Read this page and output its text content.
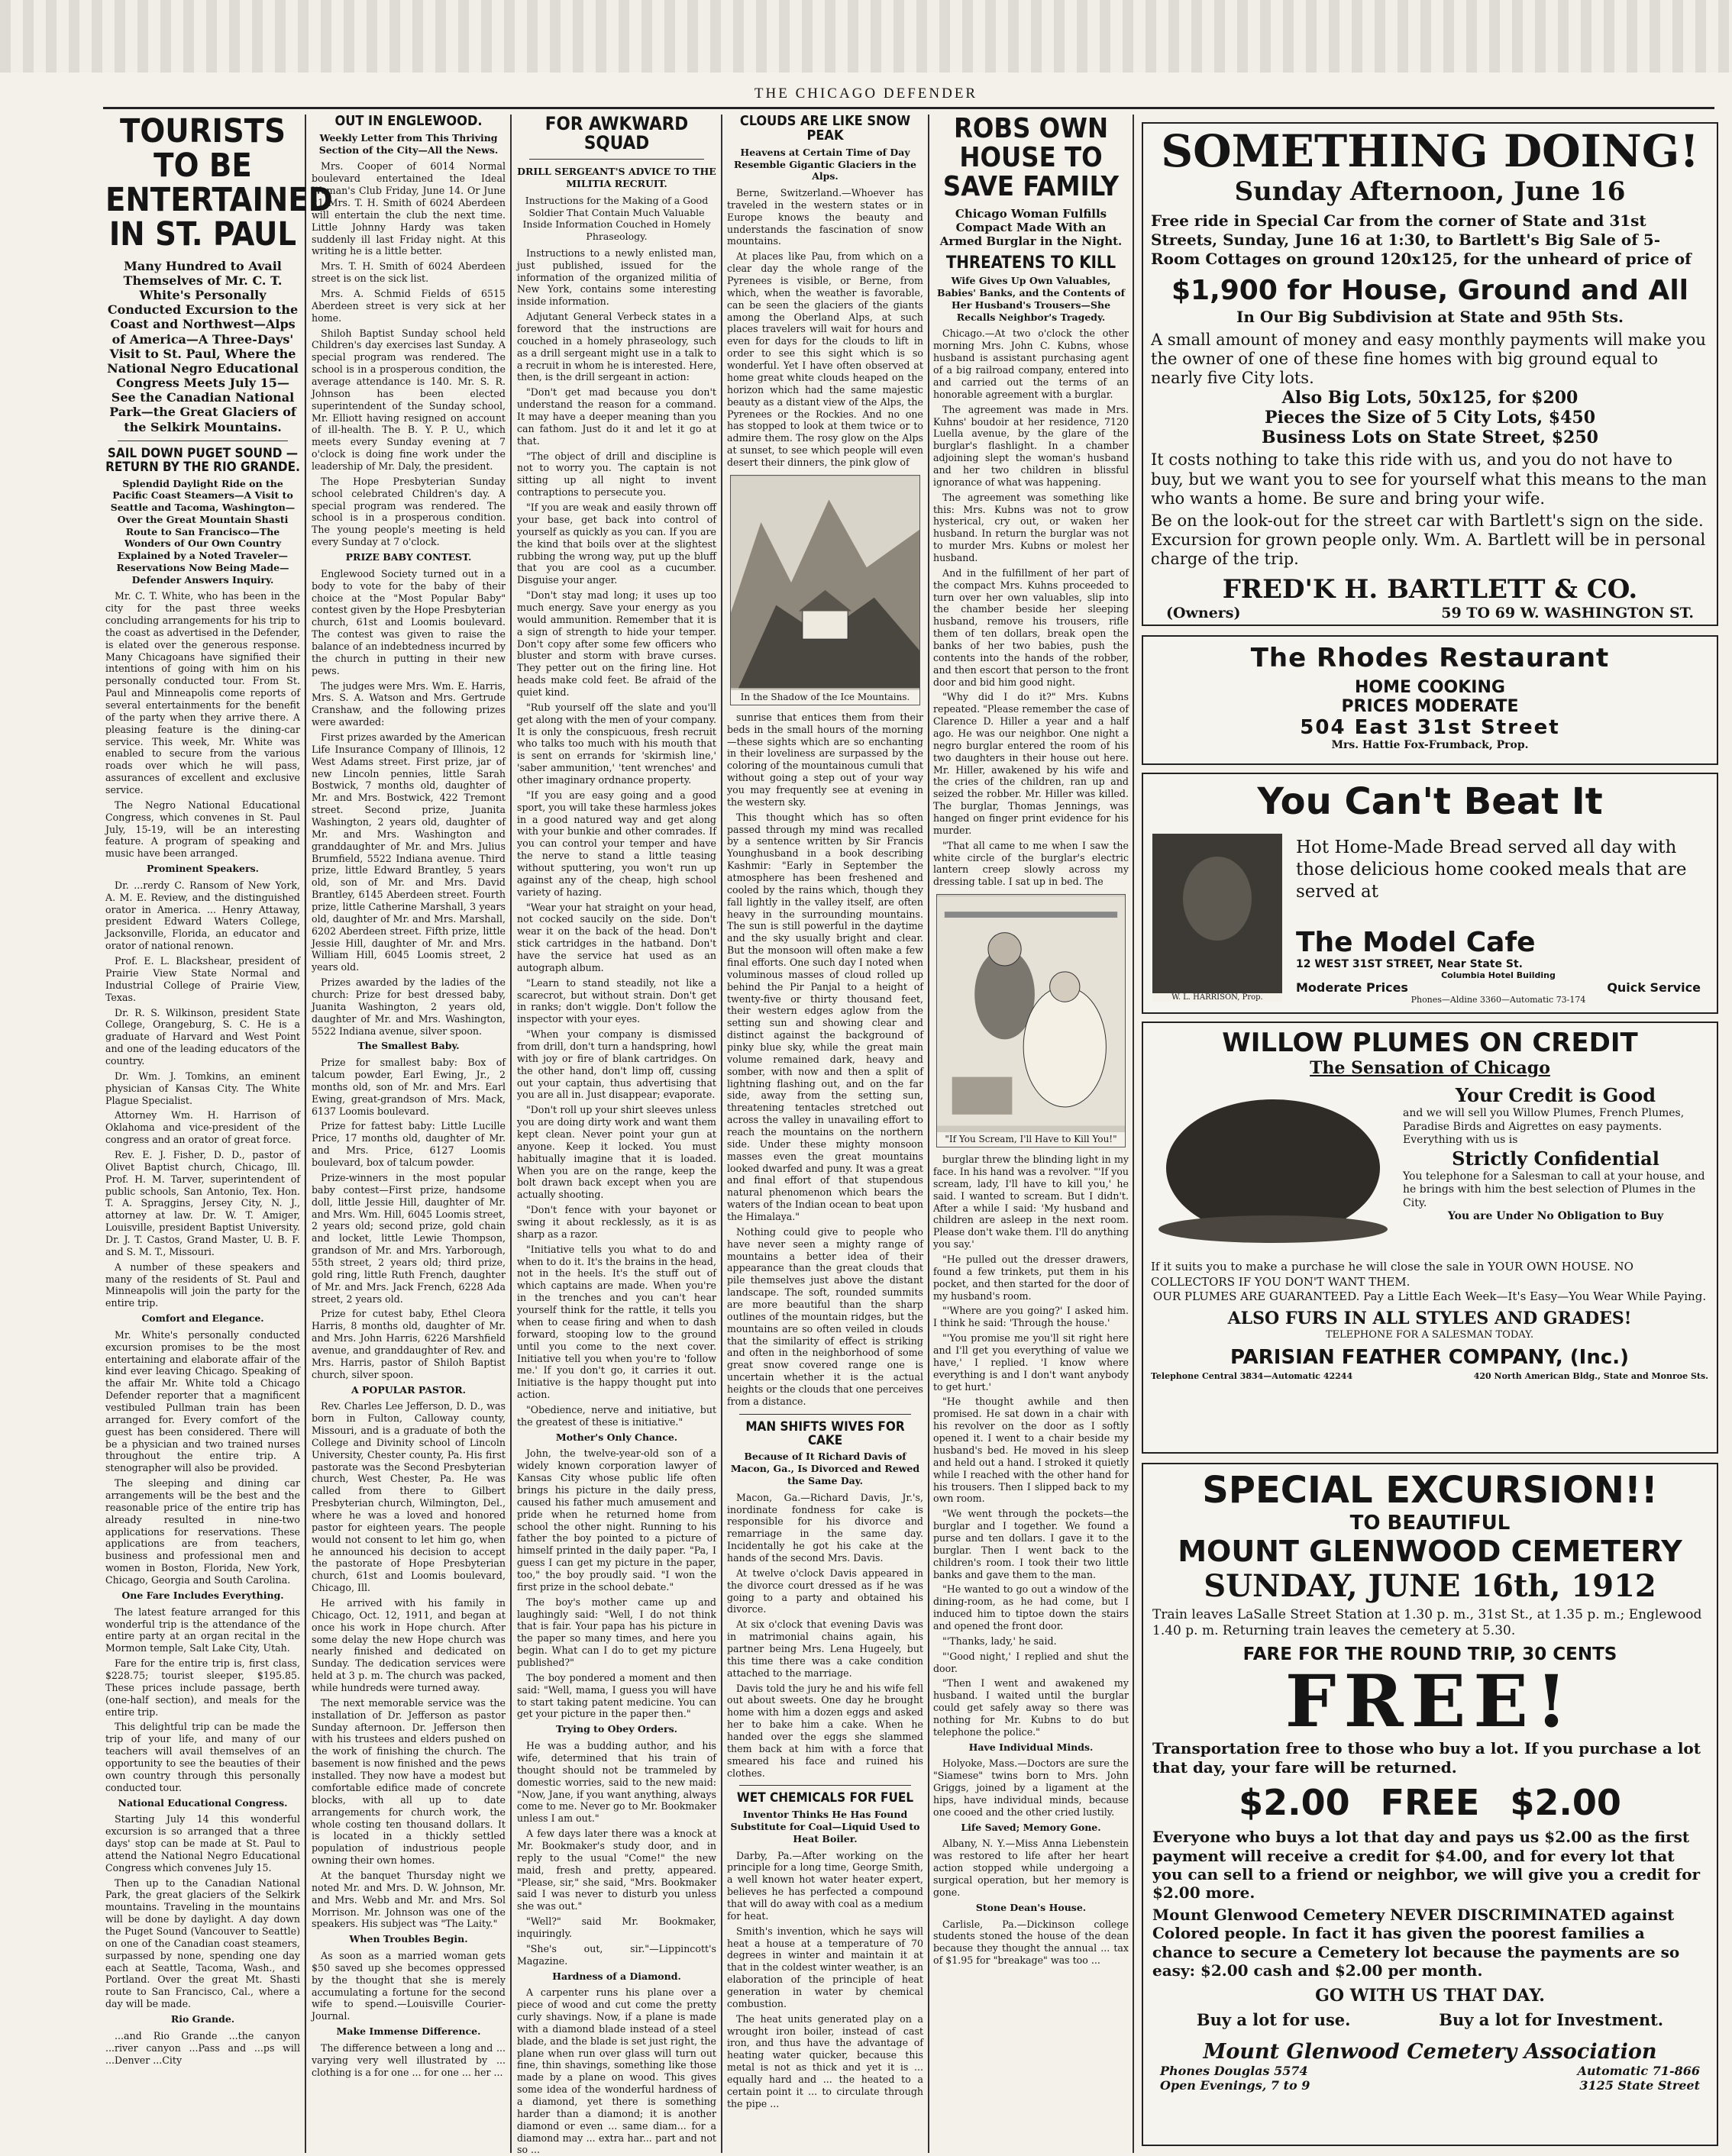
THE CHICAGO DEFENDER
TOURISTS TO BE ENTERTAINED IN ST. PAUL
Many Hundred to Avail Themselves of Mr. C. T. White's Personally Conducted Excursion to the Coast and Northwest—Alps of America—A Three-Days' Visit to St. Paul, Where the National Negro Educational Congress Meets July 15—See the Canadian National Park—the Great Glaciers of the Selkirk Mountains.
SAIL DOWN PUGET SOUND —RETURN BY THE RIO GRANDE.
Splendid Daylight Ride on the Pacific Coast Steamers—A Visit to Seattle and Tacoma, Washington—Over the Great Mountain Shasti Route to San Francisco—The Wonders of Our Own Country Explained by a Noted Traveler—Reservations Now Being Made—Defender Answers Inquiry.

Mr. C. T. White, who has been in the city for the past three weeks concluding arrangements for his trip to the coast as advertised in the Defender, is elated over the generous response. Many Chicagoans have signified their intentions of going with him on his personally conducted tour. From St. Paul and Minneapolis come reports of several entertainments for the benefit of the party when they arrive there. A pleasing feature is the dining-car service. This week, Mr. White was enabled to secure from the various roads over which he will pass, assurances of excellent and exclusive service.

The Negro National Educational Congress, which convenes in St. Paul July, 15-19, will be an interesting feature. A program of speaking and music have been arranged.

Prominent Speakers.

Dr. ...rerdy C. Ransom of New York, A. M. E. Review, and the distinguished orator in America. ... Henry Attaway, president Edward Waters College, Jacksonville, Florida, an educator and orator of national renown.

Prof. E. L. Blackshear, president of Prairie View State Normal and Industrial College of Prairie View, Texas.

Dr. R. S. Wilkinson, president State College, Orangeburg, S. C. He is a graduate of Harvard and West Point and one of the leading educators of the country.

Dr. Wm. J. Tomkins, an eminent physician of Kansas City. The White Plague Specialist.

Attorney Wm. H. Harrison of Oklahoma and vice-president of the congress and an orator of great force.

Rev. E. J. Fisher, D. D., pastor of Olivet Baptist church, Chicago, Ill. Prof. H. M. Tarver, superintendent of public schools, San Antonio, Tex. Hon. T. A. Spraggins, Jersey City, N. J., attorney at law. Dr. W. T. Amiger, Louisville, president Baptist University. Dr. J. T. Castos, Grand Master, U. B. F. and S. M. T., Missouri.

A number of these speakers and many of the residents of St. Paul and Minneapolis will join the party for the entire trip.

Comfort and Elegance.

Mr. White's personally conducted excursion promises to be the most entertaining and elaborate affair of the kind ever leaving Chicago. Speaking of the affair Mr. White told a Chicago Defender reporter that a magnificent vestibuled Pullman train has been arranged for. Every comfort of the guest has been considered. There will be a physician and two trained nurses throughout the entire trip. A stenographer will also be provided.

The sleeping and dining car arrangements will be the best and the reasonable price of the entire trip has already resulted in nine-two applications for reservations. These applications are from teachers, business and professional men and women in Boston, Florida, New York, Chicago, Georgia and South Carolina.

One Fare Includes Everything.

The latest feature arranged for this wonderful trip is the attendance of the entire party at an organ recital in the Mormon temple, Salt Lake City, Utah.

Fare for the entire trip is, first class, $228.75; tourist sleeper, $195.85. These prices include passage, berth (one-half section), and meals for the entire trip.

This delightful trip can be made the trip of your life, and many of our teachers will avail themselves of an opportunity to see the beauties of their own country through this personally conducted tour.

National Educational Congress.

Starting July 14 this wonderful excursion is so arranged that a three days' stop can be made at St. Paul to attend the National Negro Educational Congress which convenes July 15.

Then up to the Canadian National Park, the great glaciers of the Selkirk mountains. Traveling in the mountains will be done by daylight. A day down the Puget Sound (Vancouver to Seattle) on one of the Canadian coast steamers, surpassed by none, spending one day each at Seattle, Tacoma, Wash., and Portland. Over the great Mt. Shasti route to San Francisco, Cal., where a day will be made.

Rio Grande.

...and Rio Grande ...the canyon ...river canyon ...Pass and ...ps will ...Denver ...City

OUT IN ENGLEWOOD.
Weekly Letter from This Thriving Section of the City—All the News.

Mrs. Cooper of 6014 Normal boulevard entertained the Ideal Woman's Club Friday, June 14. Or June 21 Mrs. T. H. Smith of 6024 Aberdeen will entertain the club the next time. Little Johnny Hardy was taken suddenly ill last Friday night. At this writing he is a little better.

Mrs. T. H. Smith of 6024 Aberdeen street is on the sick list.

Mrs. A. Schmid Fields of 6515 Aberdeen street is very sick at her home.

Shiloh Baptist Sunday school held Children's day exercises last Sunday. A special program was rendered. The school is in a prosperous condition, the average attendance is 140. Mr. S. R. Johnson has been elected superintendent of the Sunday school, Mr. Elliott having resigned on account of ill-health. The B. Y. P. U., which meets every Sunday evening at 7 o'clock is doing fine work under the leadership of Mr. Daly, the president.

The Hope Presbyterian Sunday school celebrated Children's day. A special program was rendered. The school is in a prosperous condition. The young people's meeting is held every Sunday at 7 o'clock.

PRIZE BABY CONTEST.

Englewood Society turned out in a body to vote for the baby of their choice at the "Most Popular Baby" contest given by the Hope Presbyterian church, 61st and Loomis boulevard. The contest was given to raise the balance of an indebtedness incurred by the church in putting in their new pews.

The judges were Mrs. Wm. E. Harris, Mrs. S. A. Watson and Mrs. Gertrude Cranshaw, and the following prizes were awarded:

First prizes awarded by the American Life Insurance Company of Illinois, 12 West Adams street. First prize, jar of new Lincoln pennies, little Sarah Bostwick, 7 months old, daughter of Mr. and Mrs. Bostwick, 422 Tremont street. Second prize, Juanita Washington, 2 years old, daughter of Mr. and Mrs. Washington and granddaughter of Mr. and Mrs. Julius Brumfield, 5522 Indiana avenue. Third prize, little Edward Brantley, 5 years old, son of Mr. and Mrs. David Brantley, 6145 Aberdeen street. Fourth prize, little Catherine Marshall, 3 years old, daughter of Mr. and Mrs. Marshall, 6202 Aberdeen street. Fifth prize, little Jessie Hill, daughter of Mr. and Mrs. William Hill, 6045 Loomis street, 2 years old.

Prizes awarded by the ladies of the church: Prize for best dressed baby, Juanita Washington, 2 years old, daughter of Mr. and Mrs. Washington, 5522 Indiana avenue, silver spoon.

The Smallest Baby.

Prize for smallest baby: Box of talcum powder, Earl Ewing, Jr., 2 months old, son of Mr. and Mrs. Earl Ewing, great-grandson of Mrs. Mack, 6137 Loomis boulevard.

Prize for fattest baby: Little Lucille Price, 17 months old, daughter of Mr. and Mrs. Price, 6127 Loomis boulevard, box of talcum powder.

Prize-winners in the most popular baby contest—First prize, handsome doll, little Jessie Hill, daughter of Mr. and Mrs. Wm. Hill, 6045 Loomis street, 2 years old; second prize, gold chain and locket, little Lewie Thompson, grandson of Mr. and Mrs. Yarborough, 55th street, 2 years old; third prize, gold ring, little Ruth French, daughter of Mr. and Mrs. Jack French, 6228 Ada street, 2 years old.

Prize for cutest baby, Ethel Cleora Harris, 8 months old, daughter of Mr. and Mrs. John Harris, 6226 Marshfield avenue, and granddaughter of Rev. and Mrs. Harris, pastor of Shiloh Baptist church, silver spoon.

A POPULAR PASTOR.

Rev. Charles Lee Jefferson, D. D., was born in Fulton, Calloway county, Missouri, and is a graduate of both the College and Divinity school of Lincoln University, Chester county, Pa. His first pastorate was the Second Presbyterian church, West Chester, Pa. He was called from there to Gilbert Presbyterian church, Wilmington, Del., where he was a loved and honored pastor for eighteen years. The people would not consent to let him go, when he announced his decision to accept the pastorate of Hope Presbyterian church, 61st and Loomis boulevard, Chicago, Ill.

He arrived with his family in Chicago, Oct. 12, 1911, and began at once his work in Hope church. After some delay the new Hope church was nearly finished and dedicated on Sunday. The dedication services were held at 3 p. m. The church was packed, while hundreds were turned away.

The next memorable service was the installation of Dr. Jefferson as pastor Sunday afternoon. Dr. Jefferson then with his trustees and elders pushed on the work of finishing the church. The basement is now finished and the pews installed. They now have a modest but comfortable edifice made of concrete blocks, with all up to date arrangements for church work, the whole costing ten thousand dollars. It is located in a thickly settled population of industrious people owning their own homes.

At the banquet Thursday night we noted Mr. and Mrs. D. W. Johnson, Mr. and Mrs. Webb and Mr. and Mrs. Sol Morrison. Mr. Johnson was one of the speakers. His subject was "The Laity."

When Troubles Begin.

As soon as a married woman gets $50 saved up she becomes oppressed by the thought that she is merely accumulating a fortune for the second wife to spend.—Louisville Courier-Journal.

Make Immense Difference.

The difference between a long and ... varying very well illustrated by ... clothing is a for one ... for one ... her ...

FOR AWKWARD SQUAD
DRILL SERGEANT'S ADVICE TO THE MILITIA RECRUIT.
Instructions for the Making of a Good Soldier That Contain Much Valuable Inside Information Couched in Homely Phraseology.

Instructions to a newly enlisted man, just published, issued for the information of the organized militia of New York, contains some interesting inside information.

Adjutant General Verbeck states in a foreword that the instructions are couched in a homely phraseology, such as a drill sergeant might use in a talk to a recruit in whom he is interested. Here, then, is the drill sergeant in action:

"Don't get mad because you don't understand the reason for a command. It may have a deeper meaning than you can fathom. Just do it and let it go at that.

"The object of drill and discipline is not to worry you. The captain is not sitting up all night to invent contraptions to persecute you.

"If you are weak and easily thrown off your base, get back into control of yourself as quickly as you can. If you are the kind that boils over at the slightest rubbing the wrong way, put up the bluff that you are cool as a cucumber. Disguise your anger.

"Don't stay mad long; it uses up too much energy. Save your energy as you would ammunition. Remember that it is a sign of strength to hide your temper. Don't copy after some few officers who bluster and storm with brave curses. They petter out on the firing line. Hot heads make cold feet. Be afraid of the quiet kind.

"Rub yourself off the slate and you'll get along with the men of your company. It is only the conspicuous, fresh recruit who talks too much with his mouth that is sent on errands for 'skirmish line,' 'saber ammunition,' 'tent wrenches' and other imaginary ordnance property.

"If you are easy going and a good sport, you will take these harmless jokes in a good natured way and get along with your bunkie and other comrades. If you can control your temper and have the nerve to stand a little teasing without sputtering, you won't run up against any of the cheap, high school variety of hazing.

"Wear your hat straight on your head, not cocked saucily on the side. Don't wear it on the back of the head. Don't stick cartridges in the hatband. Don't have the service hat used as an autograph album.

"Learn to stand steadily, not like a scarecrot, but without strain. Don't get in ranks; don't wiggle. Don't follow the inspector with your eyes.

"When your company is dismissed from drill, don't turn a handspring, howl with joy or fire of blank cartridges. On the other hand, don't limp off, cussing out your captain, thus advertising that you are all in. Just disappear; evaporate.

"Don't roll up your shirt sleeves unless you are doing dirty work and want them kept clean. Never point your gun at anyone. Keep it locked. You must habitually imagine that it is loaded. When you are on the range, keep the bolt drawn back except when you are actually shooting.

"Don't fence with your bayonet or swing it about recklessly, as it is as sharp as a razor.

"Initiative tells you what to do and when to do it. It's the brains in the head, not in the heels. It's the stuff out of which captains are made. When you're in the trenches and you can't hear yourself think for the rattle, it tells you when to cease firing and when to dash forward, stooping low to the ground until you come to the next cover. Initiative tell you when you're to 'follow me.' If you don't go, it carries it out. Initiative is the happy thought put into action.

"Obedience, nerve and initiative, but the greatest of these is initiative."

Mother's Only Chance.

John, the twelve-year-old son of a widely known corporation lawyer of Kansas City whose public life often brings his picture in the daily press, caused his father much amusement and pride when he returned home from school the other night. Running to his father the boy pointed to a picture of himself printed in the daily paper. "Pa, I guess I can get my picture in the paper, too," the boy proudly said. "I won the first prize in the school debate."

The boy's mother came up and laughingly said: "Well, I do not think that is fair. Your papa has his picture in the paper so many times, and here you begin. What can I do to get my picture published?"

The boy pondered a moment and then said: "Well, mama, I guess you will have to start taking patent medicine. You can get your picture in the paper then."

Trying to Obey Orders.

He was a budding author, and his wife, determined that his train of thought should not be trammeled by domestic worries, said to the new maid: "Now, Jane, if you want anything, always come to me. Never go to Mr. Bookmaker unless I am out."

A few days later there was a knock at Mr. Bookmaker's study door, and in reply to the usual "Come!" the new maid, fresh and pretty, appeared. "Please, sir," she said, "Mrs. Bookmaker said I was never to disturb you unless she was out."

"Well?" said Mr. Bookmaker, inquiringly.

"She's out, sir."—Lippincott's Magazine.

Hardness of a Diamond.

A carpenter runs his plane over a piece of wood and cut come the pretty curly shavings. Now, if a plane is made with a diamond blade instead of a steel blade, and the blade is set just right, the plane when run over glass will turn out fine, thin shavings, something like those made by a plane on wood. This gives some idea of the wonderful hardness of a diamond, yet there is something harder than a diamond; it is another diamond or even ... same diam... for a diamond may ... extra har... part and not so ...

CLOUDS ARE LIKE SNOW PEAK
Heavens at Certain Time of Day Resemble Gigantic Glaciers in the Alps.

Berne, Switzerland.—Whoever has traveled in the western states or in Europe knows the beauty and understands the fascination of snow mountains.

At places like Pau, from which on a clear day the whole range of the Pyrenees is visible, or Berne, from which, when the weather is favorable, can be seen the glaciers of the giants among the Oberland Alps, at such places travelers will wait for hours and even for days for the clouds to lift in order to see this sight which is so wonderful. Yet I have often observed at home great white clouds heaped on the horizon which had the same majestic beauty as a distant view of the Alps, the Pyrenees or the Rockies. And no one has stopped to look at them twice or to admire them. The rosy glow on the Alps at sunset, to see which people will even desert their dinners, the pink glow of

In the Shadow of the Ice Mountains.

sunrise that entices them from their beds in the small hours of the morning—these sights which are so enchanting in their loveliness are surpassed by the coloring of the mountainous cumuli that without going a step out of your way you may frequently see at evening in the western sky.

This thought which has so often passed through my mind was recalled by a sentence written by Sir Francis Younghusband in a book describing Kashmir: "Early in September the atmosphere has been freshened and cooled by the rains which, though they fall lightly in the valley itself, are often heavy in the surrounding mountains. The sun is still powerful in the daytime and the sky usually bright and clear. But the monsoon will often make a few final efforts. One such day I noted when voluminous masses of cloud rolled up behind the Pir Panjal to a height of twenty-five or thirty thousand feet, their western edges aglow from the setting sun and showing clear and distinct against the background of pinky blue sky, while the great main volume remained dark, heavy and somber, with now and then a split of lightning flashing out, and on the far side, away from the setting sun, threatening tentacles stretched out across the valley in unavailing effort to reach the mountains on the northern side. Under these mighty monsoon masses even the great mountains looked dwarfed and puny. It was a great and final effort of that stupendous natural phenomenon which bears the waters of the Indian ocean to beat upon the Himalaya."

Nothing could give to people who have never seen a mighty range of mountains a better idea of their appearance than the great clouds that pile themselves just above the distant landscape. The soft, rounded summits are more beautiful than the sharp outlines of the mountain ridges, but the mountains are so often veiled in clouds that the similarity of effect is striking and often in the neighborhood of some great snow covered range one is uncertain whether it is the actual heights or the clouds that one perceives from a distance.

MAN SHIFTS WIVES FOR CAKE
Because of It Richard Davis of Macon, Ga., Is Divorced and Rewed the Same Day.

Macon, Ga.—Richard Davis, Jr.'s, inordinate fondness for cake is responsible for his divorce and remarriage in the same day. Incidentally he got his cake at the hands of the second Mrs. Davis.

At twelve o'clock Davis appeared in the divorce court dressed as if he was going to a party and obtained his divorce.

At six o'clock that evening Davis was in matrimonial chains again, his partner being Mrs. Lena Hugeely, but this time there was a cake condition attached to the marriage.

Davis told the jury he and his wife fell out about sweets. One day he brought home with him a dozen eggs and asked her to bake him a cake. When he handed over the eggs she slammed them back at him with a force that smeared his face and ruined his clothes.

WET CHEMICALS FOR FUEL
Inventor Thinks He Has Found Substitute for Coal—Liquid Used to Heat Boiler.

Darby, Pa.—After working on the principle for a long time, George Smith, a well known hot water heater expert, believes he has perfected a compound that will do away with coal as a medium for heat.

Smith's invention, which he says will heat a house at a temperature of 70 degrees in winter and maintain it at that in the coldest winter weather, is an elaboration of the principle of heat generation in water by chemical combustion.

The heat units generated play on a wrought iron boiler, instead of cast iron, and thus have the advantage of heating water quicker, because this metal is not as thick and yet it is ... equally hard and ... the heated to a certain point it ... to circulate through the pipe ...

ROBS OWN HOUSE TO SAVE FAMILY
Chicago Woman Fulfills Compact Made With an Armed Burglar in the Night.
THREATENS TO KILL
Wife Gives Up Own Valuables, Babies' Banks, and the Contents of Her Husband's Trousers—She Recalls Neighbor's Tragedy.

Chicago.—At two o'clock the other morning Mrs. John C. Kubns, whose husband is assistant purchasing agent of a big railroad company, entered into and carried out the terms of an honorable agreement with a burglar.

The agreement was made in Mrs. Kuhns' boudoir at her residence, 7120 Luella avenue, by the glare of the burglar's flashlight. In a chamber adjoining slept the woman's husband and her two children in blissful ignorance of what was happening.

The agreement was something like this: Mrs. Kubns was not to grow hysterical, cry out, or waken her husband. In return the burglar was not to murder Mrs. Kubns or molest her husband.

And in the fulfillment of her part of the compact Mrs. Kuhns proceeded to turn over her own valuables, slip into the chamber beside her sleeping husband, remove his trousers, rifle them of ten dollars, break open the banks of her two babies, push the contents into the hands of the robber, and then escort that person to the front door and bid him good night.

"Why did I do it?" Mrs. Kubns repeated. "Please remember the case of Clarence D. Hiller a year and a half ago. He was our neighbor. One night a negro burglar entered the room of his two daughters in their house out here. Mr. Hiller, awakened by his wife and the cries of the children, ran up and seized the robber. Mr. Hiller was killed. The burglar, Thomas Jennings, was hanged on finger print evidence for his murder.

"That all came to me when I saw the white circle of the burglar's electric lantern creep slowly across my dressing table. I sat up in bed. The

"If You Scream, I'll Have to Kill You!"

burglar threw the blinding light in my face. In his hand was a revolver. "'If you scream, lady, I'll have to kill you,' he said. I wanted to scream. But I didn't. After a while I said: 'My husband and children are asleep in the next room. Please don't wake them. I'll do anything you say.'

"He pulled out the dresser drawers, found a few trinkets, put them in his pocket, and then started for the door of my husband's room.

"'Where are you going?' I asked him. I think he said: 'Through the house.'

"'You promise me you'll sit right here and I'll get you everything of value we have,' I replied. 'I know where everything is and I don't want anybody to get hurt.'

"He thought awhile and then promised. He sat down in a chair with his revolver on the door as I softly opened it. I went to a chair beside my husband's bed. He moved in his sleep and held out a hand. I stroked it quietly while I reached with the other hand for his trousers. Then I slipped back to my own room.

"We went through the pockets—the burglar and I together. We found a purse and ten dollars. I gave it to the burglar. Then I went back to the children's room. I took their two little banks and gave them to the man.

"He wanted to go out a window of the dining-room, as he had come, but I induced him to tiptoe down the stairs and opened the front door.

"'Thanks, lady,' he said.

"'Good night,' I replied and shut the door.

"Then I went and awakened my husband. I waited until the burglar could get safely away so there was nothing for Mr. Kubns to do but telephone the police."

Have Individual Minds.

Holyoke, Mass.—Doctors are sure the "Siamese" twins born to Mrs. John Griggs, joined by a ligament at the hips, have individual minds, because one cooed and the other cried lustily.

Life Saved; Memory Gone.

Albany, N. Y.—Miss Anna Liebenstein was restored to life after her heart action stopped while undergoing a surgical operation, but her memory is gone.

Stone Dean's House.

Carlisle, Pa.—Dickinson college students stoned the house of the dean because they thought the annual ... tax of $1.95 for "breakage" was too ...

SOMETHING DOING!
Sunday Afternoon, June 16
Free ride in Special Car from the corner of State and 31st Streets, Sunday, June 16 at 1:30, to Bartlett's Big Sale of 5-Room Cottages on ground 120x125, for the unheard of price of
$1,900 for House, Ground and All
In Our Big Subdivision at State and 95th Sts.
A small amount of money and easy monthly payments will make you the owner of one of these fine homes with big ground equal to nearly five City lots.
Also Big Lots, 50x125, for $200
Pieces the Size of 5 City Lots, $450
Business Lots on State Street, $250
It costs nothing to take this ride with us, and you do not have to buy, but we want you to see for yourself what this means to the man who wants a home. Be sure and bring your wife.
Be on the look-out for the street car with Bartlett's sign on the side. Excursion for grown people only. Wm. A. Bartlett will be in personal charge of the trip.
FRED'K H. BARTLETT & CO.
(Owners)	59 TO 69 W. WASHINGTON ST.
The Rhodes Restaurant
HOME COOKING
PRICES MODERATE
504 East 31st Street
Mrs. Hattie Fox-Frumback, Prop.
You Can't Beat It
W. L. HARRISON, Prop.
Hot Home-Made Bread served all day with those delicious home cooked meals that are served at
The Model Cafe
12 WEST 31ST STREET, Near State St.
Columbia Hotel Building
Moderate Prices	Quick Service
Phones—Aldine 3360—Automatic 73-174
WILLOW PLUMES ON CREDIT
The Sensation of Chicago
Your Credit is Good
and we will sell you Willow Plumes, French Plumes, Paradise Birds and Aigrettes on easy payments. Everything with us is
Strictly Confidential
You telephone for a Salesman to call at your house, and he brings with him the best selection of Plumes in the City.
You are Under No Obligation to Buy
If it suits you to make a purchase he will close the sale in YOUR OWN HOUSE. NO COLLECTORS IF YOU DON'T WANT THEM.
OUR PLUMES ARE GUARANTEED. Pay a Little Each Week—It's Easy—You Wear While Paying.
ALSO FURS IN ALL STYLES AND GRADES!
TELEPHONE FOR A SALESMAN TODAY.
PARISIAN FEATHER COMPANY, (Inc.)
Telephone Central 3834—Automatic 42244	420 North American Bldg., State and Monroe Sts.
SPECIAL EXCURSION!!
TO BEAUTIFUL
MOUNT GLENWOOD CEMETERY
SUNDAY, JUNE 16th, 1912
Train leaves LaSalle Street Station at 1.30 p. m., 31st St., at 1.35 p. m.; Englewood 1.40 p. m. Returning train leaves the cemetery at 5.30.
FARE FOR THE ROUND TRIP, 30 CENTS
FREE!
Transportation free to those who buy a lot. If you purchase a lot that day, your fare will be returned.
$2.00 FREE $2.00
Everyone who buys a lot that day and pays us $2.00 as the first payment will receive a credit for $4.00, and for every lot that you can sell to a friend or neighbor, we will give you a credit for $2.00 more.
Mount Glenwood Cemetery NEVER DISCRIMINATED against Colored people. In fact it has given the poorest families a chance to secure a Cemetery lot because the payments are so easy: $2.00 cash and $2.00 per month.
GO WITH US THAT DAY.
Buy a lot for use.	Buy a lot for Investment.
Mount Glenwood Cemetery Association
Phones Douglas 5574	Automatic 71-866
Open Evenings, 7 to 9	3125 State Street
